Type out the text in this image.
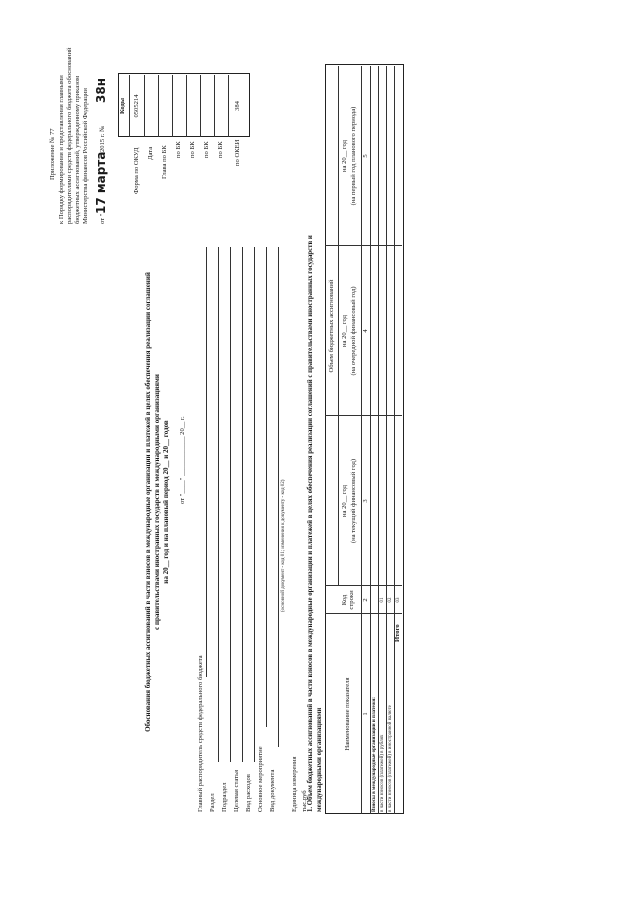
Приложение № 77 к Порядку формирования и представления главными распорядителями средств федерального бюджета обоснований бюджетных ассигнований, утвержденному приказом Министерства финансов Российской Федерации от "
17 марта
2015 г. №
38н
Коды 0505214	384
Форма по ОКУД Дата Глава по БК по БК по БК по БК по БК по ОКЕИ
Обоснования бюджетных ассигнований в части взносов в международные организации и платежей в целях обеспечения реализации соглашений с правительствами иностранных государств и международными организациями на 20__ год и на плановый период 20__ и 20__ годов от "____" ____________ 20__ г.
Главный распорядитель средств федерального бюджета Раздел Подраздел Целевая статья Вид расходов Основное мероприятие Вид документа
(основной документ - код 01; изменения к документу - код 02)
Единица измерения тыс.руб 1. Объем бюджетных ассигнований в части взносов в международные организации и платежей в целях обеспечения реализации соглашений с правительствами иностранных государств и международными организациями	Наименование показателя
Код строки
Объем бюджетных ассигнований
на 20__ год (на текущий финансовый год)
на 20__ год (на очередной финансовый год)
на 20__ год (на первый год планового периода)
1
2
3
4
5
Взносы в международные организации и платежи: в части взносов (платежей) в рублях
01
в части взносов (платежей) в иностранной валюте
02
Итого
03
